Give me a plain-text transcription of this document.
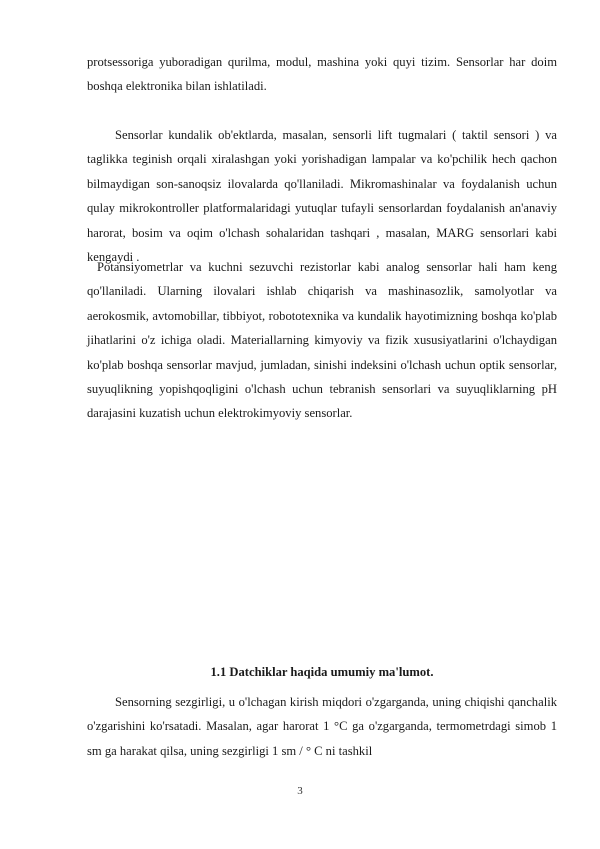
protsessoriga yuboradigan qurilma, modul, mashina yoki quyi tizim. Sensorlar har doim boshqa elektronika bilan ishlatiladi.

Sensorlar kundalik ob'ektlarda, masalan, sensorli lift tugmalari ( taktil sensori ) va taglikka teginish orqali xiralashgan yoki yorishadigan lampalar va ko'pchilik hech qachon bilmaydigan son-sanoqsiz ilovalarda qo'llaniladi. Mikromashinalar va foydalanish uchun qulay mikrokontroller platformalaridagi yutuqlar tufayli sensorlardan foydalanish an'anaviy harorat, bosim va oqim o'lchash sohalaridan tashqari , masalan, MARG sensorlari kabi kengaydi .

Potansiyometrlar va kuchni sezuvchi rezistorlar kabi analog sensorlar hali ham keng qo'llaniladi. Ularning ilovalari ishlab chiqarish va mashinasozlik, samolyotlar va aerokosmik, avtomobillar, tibbiyot, robototexnika va kundalik hayotimizning boshqa ko'plab jihatlarini o'z ichiga oladi. Materiallarning kimyoviy va fizik xususiyatlarini o'lchaydigan ko'plab boshqa sensorlar mavjud, jumladan, sinishi indeksini o'lchash uchun optik sensorlar, suyuqlikning yopishqoqligini o'lchash uchun tebranish sensorlari va suyuqliklarning pH darajasini kuzatish uchun elektrokimyoviy sensorlar.

1.1 Datchiklar haqida umumiy ma'lumot.

Sensorning sezgirligi, u o'lchagan kirish miqdori o'zgarganda, uning chiqishi qanchalik o'zgarishini ko'rsatadi. Masalan, agar harorat 1 °C ga o'zgarganda, termometrdagi simob 1 sm ga harakat qilsa, uning sezgirligi 1 sm / ° C ni tashkil

3
